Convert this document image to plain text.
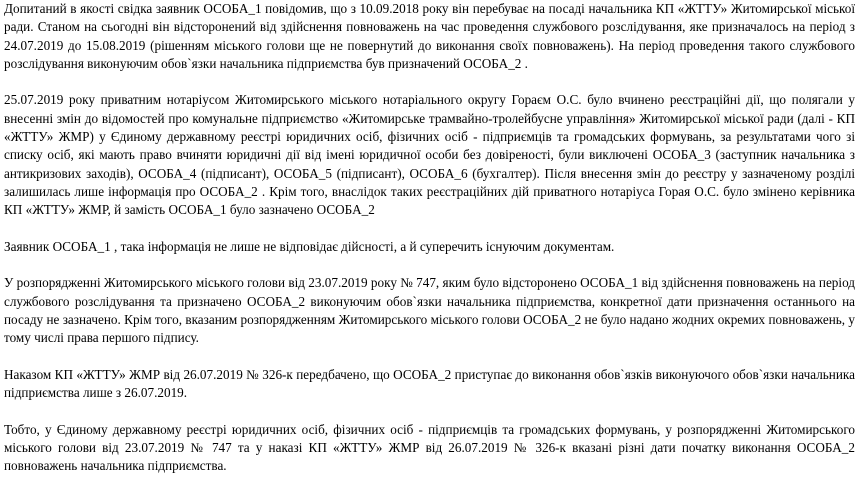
Допитаний в якості свідка заявник ОСОБА_1 повідомив, що з 10.09.2018 року він перебуває на посаді начальника КП «ЖТТУ» Житомирської міської ради. Станом на сьогодні він відсторонений від здійснення повноважень на час проведення службового розслідування, яке призначалось на період з 24.07.2019 до 15.08.2019 (рішенням міського голови ще не повернутий до виконання своїх повноважень). На період проведення такого службового розслідування виконуючим обов`язки начальника підприємства був призначений ОСОБА_2 .

25.07.2019 року приватним нотаріусом Житомирського міського нотаріального округу Гораєм О.С. було вчинено реєстраційні дії, що полягали у внесенні змін до відомостей про комунальне підприємство «Житомирське трамвайно-тролейбусне управління» Житомирської міської ради (далі - КП «ЖТТУ» ЖМР) у Єдиному державному реєстрі юридичних осіб, фізичних осіб - підприємців та громадських формувань, за результатами чого зі списку осіб, які мають право вчиняти юридичні дії від імені юридичної особи без довіреності, були виключені ОСОБА_3 (заступник начальника з антикризових заходів), ОСОБА_4 (підписант), ОСОБА_5 (підписант), ОСОБА_6 (бухгалтер). Після внесення змін до реєстру у зазначеному розділі залишилась лише інформація про ОСОБА_2 . Крім того, внаслідок таких реєстраційних дій приватного нотаріуса Горая О.С. було змінено керівника КП «ЖТТУ» ЖМР, й замість ОСОБА_1 було зазначено ОСОБА_2

Заявник ОСОБА_1 , така інформація не лише не відповідає дійсності, а й суперечить існуючим документам.

У розпорядженні Житомирського міського голови від 23.07.2019 року № 747, яким було відсторонено ОСОБА_1 від здійснення повноважень на період службового розслідування та призначено ОСОБА_2 виконуючим обов`язки начальника підприємства, конкретної дати призначення останнього на посаду не зазначено. Крім того, вказаним розпорядженням Житомирського міського голови ОСОБА_2 не було надано жодних окремих повноважень, у тому числі права першого підпису.

Наказом КП «ЖТТУ» ЖМР від 26.07.2019 № 326-к передбачено, що ОСОБА_2 приступає до виконання обов`язків виконуючого обов`язки начальника підприємства лише з 26.07.2019.

Тобто, у Єдиному державному реєстрі юридичних осіб, фізичних осіб - підприємців та громадських формувань, у розпорядженні Житомирського міського голови від 23.07.2019 № 747 та у наказі КП «ЖТТУ» ЖМР від 26.07.2019 № 326-к вказані різні дати початку виконання ОСОБА_2 повноважень начальника підприємства.
